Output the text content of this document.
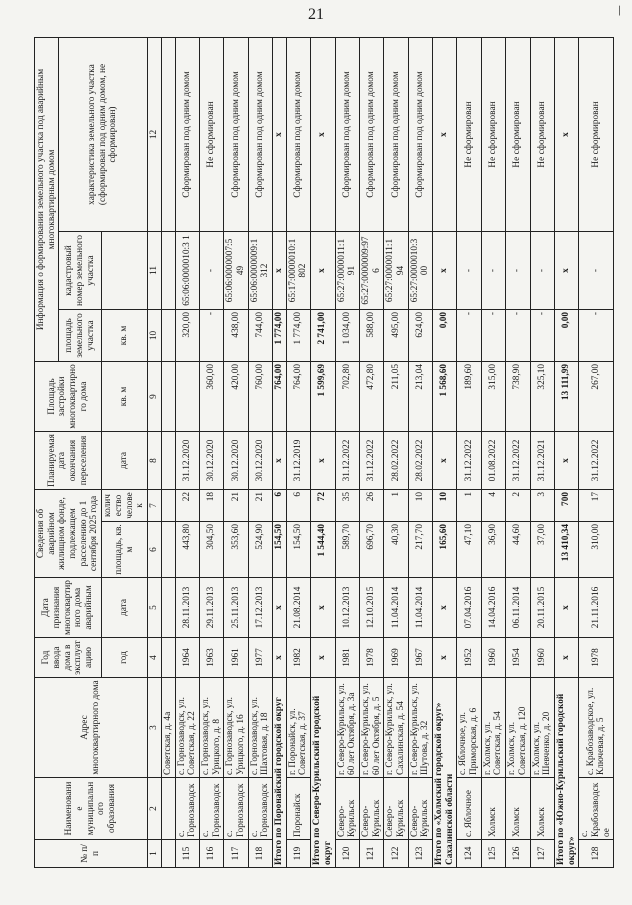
21	/
№ п/п	Наименование муниципального образования	Адрес многоквартирного дома	Год ввода дома в эксплуатацию	Дата признания многоквартирного дома аварийным	Сведения об аварийном жилищном фонде, подлежащем расселению до 1 сентября 2025 года		Планируемая дата окончания переселения	Площадь застройки многоквартирного дома	Информация о формировании земельного участка под аварийным многоквартирным домом		
									площадь земельного участка	кадастровый номер земельного участка	характеристика земельного участка (сформирован под одним домом, не сформирован)
			год	дата	площадь, кв. м	количество человек	дата	кв. м	кв. м		
1	2	3	4	5	6	7	8	9	10	11	12
		Советская, д. 4а									
115	с. Горнозаводск	с. Горнозаводск, ул. Советская, д. 22	1964	28.11.2013	443,80	22	31.12.2020		320,00	65:06:0000010:3 1	Сформирован под одним домом
116	с. Горнозаводск	с. Горнозаводск, ул. Урицкого, д. 8	1963	29.11.2013	304,50	18	30.12.2020	360,00	-	-	Не сформирован
117	с. Горнозаводск	с. Горнозаводск, ул. Урицкого, д. 16	1961	25.11.2013	353,60	21	30.12.2020	420,00	438,00	65:06:0000007:5 49	Сформирован под одним домом
118	с. Горнозаводск	с. Горнозаводск, ул. Шахтовая, д. 18	1977	17.12.2013	524,90	21	30.12.2020	760,00	744,00	65:06:0000009:1 312	Сформирован под одним домом
Итого по Поронайский городской округ			x	x	154,50	6	x	764,00	1 774,00	x	x
119	Поронайск	г. Поронайск, ул. Советская, д. 37	1982	21.08.2014	154,50	6	31.12.2019	764,00	1 774,00	65:17:0000010:1 802	Сформирован под одним домом
Итого по Северо-Курильский городской округ			x	x	1 544,40	72	x	1 599,69	2 741,00	x	x
120	Северо-Курильск	г. Северо-Курильск, ул. 60 лет Октября, д. 3а	1981	10.12.2013	589,70	35	31.12.2022	702,80	1 034,00	65:27:0000011:1 91	Сформирован под одним домом
121	Северо-Курильск	г. Северо-Курильск, ул. 60 лет Октября, д. 5	1978	12.10.2015	696,70	26	31.12.2022	472,80	588,00	65:27:0000009:97 6	Сформирован под одним домом
122	Северо-Курильск	г. Северо-Курильск, ул. Сахалинская, д. 54	1969	11.04.2014	40,30	1	28.02.2022	211,05	495,00	65:27:0000011:1 94	Сформирован под одним домом
123	Северо-Курильск	г. Северо-Курильск, ул. Шутова, д. 32	1967	11.04.2014	217,70	10	28.02.2022	213,04	624,00	65:27:0000010:3 00	Сформирован под одним домом
Итого по «Холмский городской округ» Сахалинской области			x	x	165,60	10	x	1 568,60	0,00	x	x
124	с. Яблочное	с. Яблочное, ул. Приморская, д. 6	1952	07.04.2016	47,10	1	31.12.2022	189,60	-	-	Не сформирован
125	Холмск	г. Холмск, ул. Советская, д. 54	1960	14.04.2016	36,90	4	01.08.2022	315,00	-	-	Не сформирован
126	Холмск	г. Холмск, ул. Советская, д. 120	1954	06.11.2014	44,60	2	31.12.2022	738,90	-	-	Не сформирован
127	Холмск	г. Холмск, ул. Шевченко, д. 20	1960	20.11.2015	37,00	3	31.12.2021	325,10	-	-	Не сформирован
Итого по «Южно-Курильский городской округ»			x	x	13 410,34	700	x	13 111,99	0,00	x	x
128	с. Крабозаводское	с. Крабозаводское, ул. Ключевая, д. 5	1978	21.11.2016	310,00	17	31.12.2022	267,00	-	-	Не сформирован
